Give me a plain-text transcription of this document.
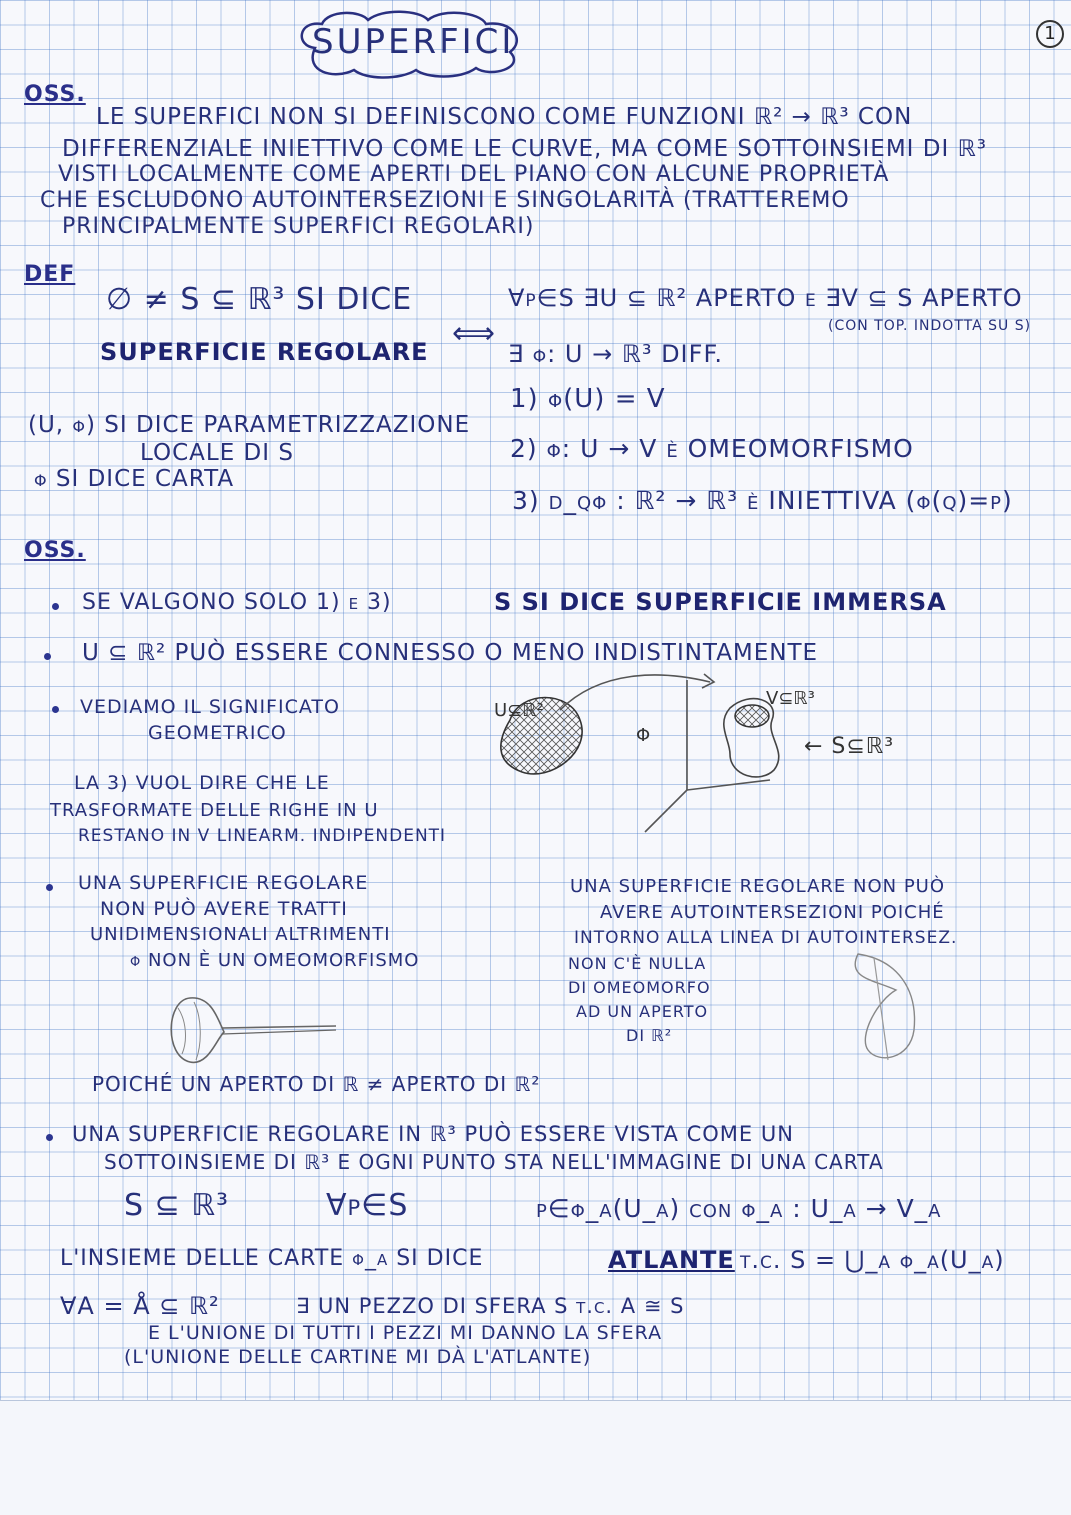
1
SUPERFICI
OSS.
LE SUPERFICI NON SI DEFINISCONO COME FUNZIONI ℝ² → ℝ³ CON
DIFFERENZIALE INIETTIVO COME LE CURVE, MA COME SOTTOINSIEMI DI ℝ³
VISTI LOCALMENTE COME APERTI DEL PIANO CON ALCUNE PROPRIETÀ
CHE ESCLUDONO AUTOINTERSEZIONI E SINGOLARITÀ (TRATTEREMO
PRINCIPALMENTE SUPERFICI REGOLARI)
DEF
∅ ≠ S ⊆ ℝ³ SI DICE
SUPERFICIE REGOLARE
(U, φ) SI DICE PARAMETRIZZAZIONE
LOCALE DI S
φ SI DICE CARTA
⟺
∀p∈S ∃U ⊆ ℝ² APERTO e ∃V ⊆ S APERTO
(CON TOP. INDOTTA SU S)
∃ φ: U → ℝ³ DIFF.
1) φ(U) = V
2) φ: U → V è OMEOMORFISMO
3) d_qφ : ℝ² → ℝ³ è INIETTIVA (φ(q)=p)
OSS.
SE VALGONO SOLO 1) e 3)	S SI DICE SUPERFICIE IMMERSA
U ⊆ ℝ² PUÒ ESSERE CONNESSO O MENO INDISTINTAMENTE
VEDIAMO IL SIGNIFICATO
GEOMETRICO
LA 3) VUOL DIRE CHE LE
TRASFORMATE DELLE RIGHE IN U
RESTANO IN V LINEARM. INDIPENDENTI
U⊆ℝ²
φ
V⊆ℝ³
← S⊆ℝ³
UNA SUPERFICIE REGOLARE
NON PUÒ AVERE TRATTI
UNIDIMENSIONALI ALTRIMENTI
φ NON È UN OMEOMORFISMO
UNA SUPERFICIE REGOLARE NON PUÒ
AVERE AUTOINTERSEZIONI POICHÉ
INTORNO ALLA LINEA DI AUTOINTERSEZ.
NON C'È NULLA
DI OMEOMORFO
AD UN APERTO
DI ℝ²
POICHÉ UN APERTO DI ℝ ≠ APERTO DI ℝ²
UNA SUPERFICIE REGOLARE IN ℝ³ PUÒ ESSERE VISTA COME UN
SOTTOINSIEME DI ℝ³ E OGNI PUNTO STA NELL'IMMAGINE DI UNA CARTA
S ⊆ ℝ³	∀p∈S	p∈φ_α(U_α) con φ_α : U_α → V_α
L'INSIEME DELLE CARTE φ_α SI DICE	ATLANTE t.c. S = ⋃_α φ_α(U_α)
∀A = Å ⊆ ℝ²	∃ UN PEZZO DI SFERA S t.c. A ≅ S
E L'UNIONE DI TUTTI I PEZZI MI DANNO LA SFERA
(L'UNIONE DELLE CARTINE MI DÀ L'ATLANTE)
